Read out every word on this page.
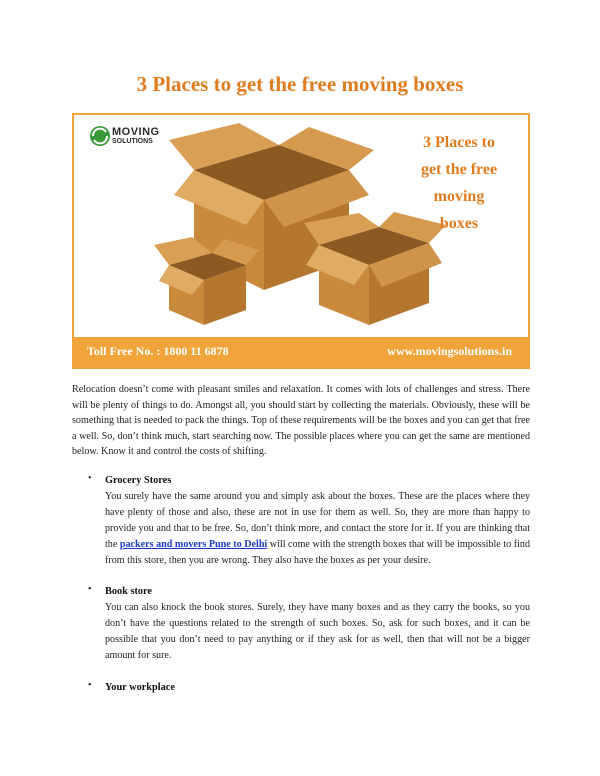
3 Places to get the free moving boxes
MOVING
SOLUTIONS	3 Places to
get the free
moving
boxes
Toll Free No. : 1800 11 6878	www.movingsolutions.in
Relocation doesn’t come with pleasant smiles and relaxation. It comes with lots of challenges and stress. There will be plenty of things to do. Amongst all, you should start by collecting the materials. Obviously, these will be something that is needed to pack the things. Top of these requirements will be the boxes and you can get that free a well. So, don’t think much, start searching now. The possible places where you can get the same are mentioned below. Know it and control the costs of shifting.
• Grocery Stores
You surely have the same around you and simply ask about the boxes. These are the places where they have plenty of those and also, these are not in use for them as well. So, they are more than happy to provide you and that to be free. So, don’t think more, and contact the store for it. If you are thinking that the packers and movers Pune to Delhi will come with the strength boxes that will be impossible to find from this store, then you are wrong. They also have the boxes as per your desire.
• Book store
You can also knock the book stores. Surely, they have many boxes and as they carry the books, so you don’t have the questions related to the strength of such boxes. So, ask for such boxes, and it can be possible that you don’t need to pay anything or if they ask for as well, then that will not be a bigger amount for sure.
• Your workplace
